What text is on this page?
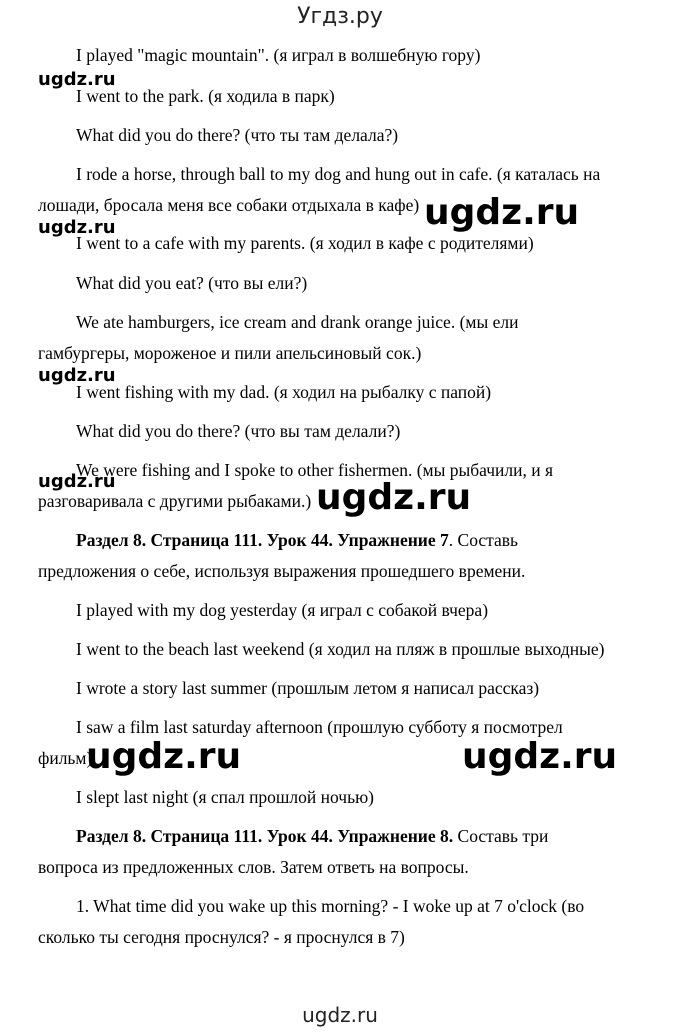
Угдз.ру
I played "magic mountain". (я играл в волшебную гору)
I went to the park. (я ходила в парк)
What did you do there? (что ты там делала?)
I rode a horse, through ball to my dog and hung out in cafe. (я каталась на
лошади, бросала меня все собаки отдыхала в кафе)
I went to a cafe with my parents. (я ходил в кафе с родителями)
What did you eat? (что вы ели?)
We ate hamburgers, ice cream and drank orange juice. (мы ели
гамбургеры, мороженое и пили апельсиновый сок.)
I went fishing with my dad. (я ходил на рыбалку с папой)
What did you do there? (что вы там делали?)
We were fishing and I spoke to other fishermen. (мы рыбачили, и я
разговаривала с другими рыбаками.)
Раздел 8. Страница 111. Урок 44. Упражнение 7. Составь
предложения о себе, используя выражения прошедшего времени.
I played with my dog yesterday (я играл с собакой вчера)
I went to the beach last weekend (я ходил на пляж в прошлые выходные)
I wrote a story last summer (прошлым летом я написал рассказ)
I saw a film last saturday afternoon (прошлую субботу я посмотрел
фильм)
I slept last night (я спал прошлой ночью)
Раздел 8. Страница 111. Урок 44. Упражнение 8. Составь три
вопроса из предложенных слов. Затем ответь на вопросы.
1. What time did you wake up this morning? - I woke up at 7 o'clock (во
сколько ты сегодня проснулся? - я проснулся в 7)
ugdz.ru
ugdz.ru
ugdz.ru
ugdz.ru
ugdz.ru	ugdz.ru
ugdz.ru	ugdz.ru
ugdz.ru
